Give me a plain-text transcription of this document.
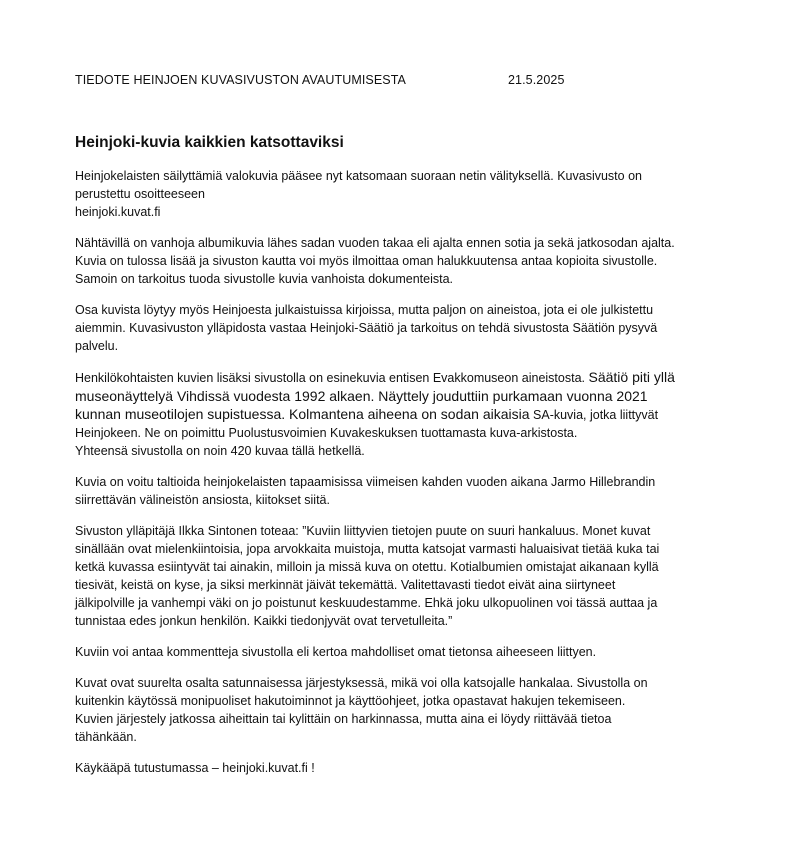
TIEDOTE HEINJOEN KUVASIVUSTON AVAUTUMISESTA	21.5.2025
Heinjoki-kuvia kaikkien katsottaviksi

Heinjokelaisten säilyttämiä valokuvia pääsee nyt katsomaan suoraan netin välityksellä. Kuvasivusto on
perustettu osoitteeseen
heinjoki.kuvat.fi

Nähtävillä on vanhoja albumikuvia lähes sadan vuoden takaa eli ajalta ennen sotia ja sekä jatkosodan ajalta.
Kuvia on tulossa lisää ja sivuston kautta voi myös ilmoittaa oman halukkuutensa antaa kopioita sivustolle.
Samoin on tarkoitus tuoda sivustolle kuvia vanhoista dokumenteista.

Osa kuvista löytyy myös Heinjoesta julkaistuissa kirjoissa, mutta paljon on aineistoa, jota ei ole julkistettu
aiemmin. Kuvasivuston ylläpidosta vastaa Heinjoki-Säätiö ja tarkoitus on tehdä sivustosta Säätiön pysyvä
palvelu.

Henkilökohtaisten kuvien lisäksi sivustolla on esinekuvia entisen Evakkomuseon aineistosta. Säätiö piti yllä
museonäyttelyä Vihdissä vuodesta 1992 alkaen. Näyttely jouduttiin purkamaan vuonna 2021
kunnan museotilojen supistuessa. Kolmantena aiheena on sodan aikaisia SA-kuvia, jotka liittyvät
Heinjokeen. Ne on poimittu Puolustusvoimien Kuvakeskuksen tuottamasta kuva-arkistosta.
Yhteensä sivustolla on noin 420 kuvaa tällä hetkellä.

Kuvia on voitu taltioida heinjokelaisten tapaamisissa viimeisen kahden vuoden aikana Jarmo Hillebrandin
siirrettävän välineistön ansiosta, kiitokset siitä.

Sivuston ylläpitäjä Ilkka Sintonen toteaa: ”Kuviin liittyvien tietojen puute on suuri hankaluus. Monet kuvat
sinällään ovat mielenkiintoisia, jopa arvokkaita muistoja, mutta katsojat varmasti haluaisivat tietää kuka tai
ketkä kuvassa esiintyvät tai ainakin, milloin ja missä kuva on otettu. Kotialbumien omistajat aikanaan kyllä
tiesivät, keistä on kyse, ja siksi merkinnät jäivät tekemättä. Valitettavasti tiedot eivät aina siirtyneet
jälkipolville ja vanhempi väki on jo poistunut keskuudestamme. Ehkä joku ulkopuolinen voi tässä auttaa ja
tunnistaa edes jonkun henkilön. Kaikki tiedonjyvät ovat tervetulleita.”

Kuviin voi antaa kommentteja sivustolla eli kertoa mahdolliset omat tietonsa aiheeseen liittyen.

Kuvat ovat suurelta osalta satunnaisessa järjestyksessä, mikä voi olla katsojalle hankalaa. Sivustolla on
kuitenkin käytössä monipuoliset hakutoiminnot ja käyttöohjeet, jotka opastavat hakujen tekemiseen.
Kuvien järjestely jatkossa aiheittain tai kylittäin on harkinnassa, mutta aina ei löydy riittävää tietoa
tähänkään.

Käykääpä tutustumassa – heinjoki.kuvat.fi !
